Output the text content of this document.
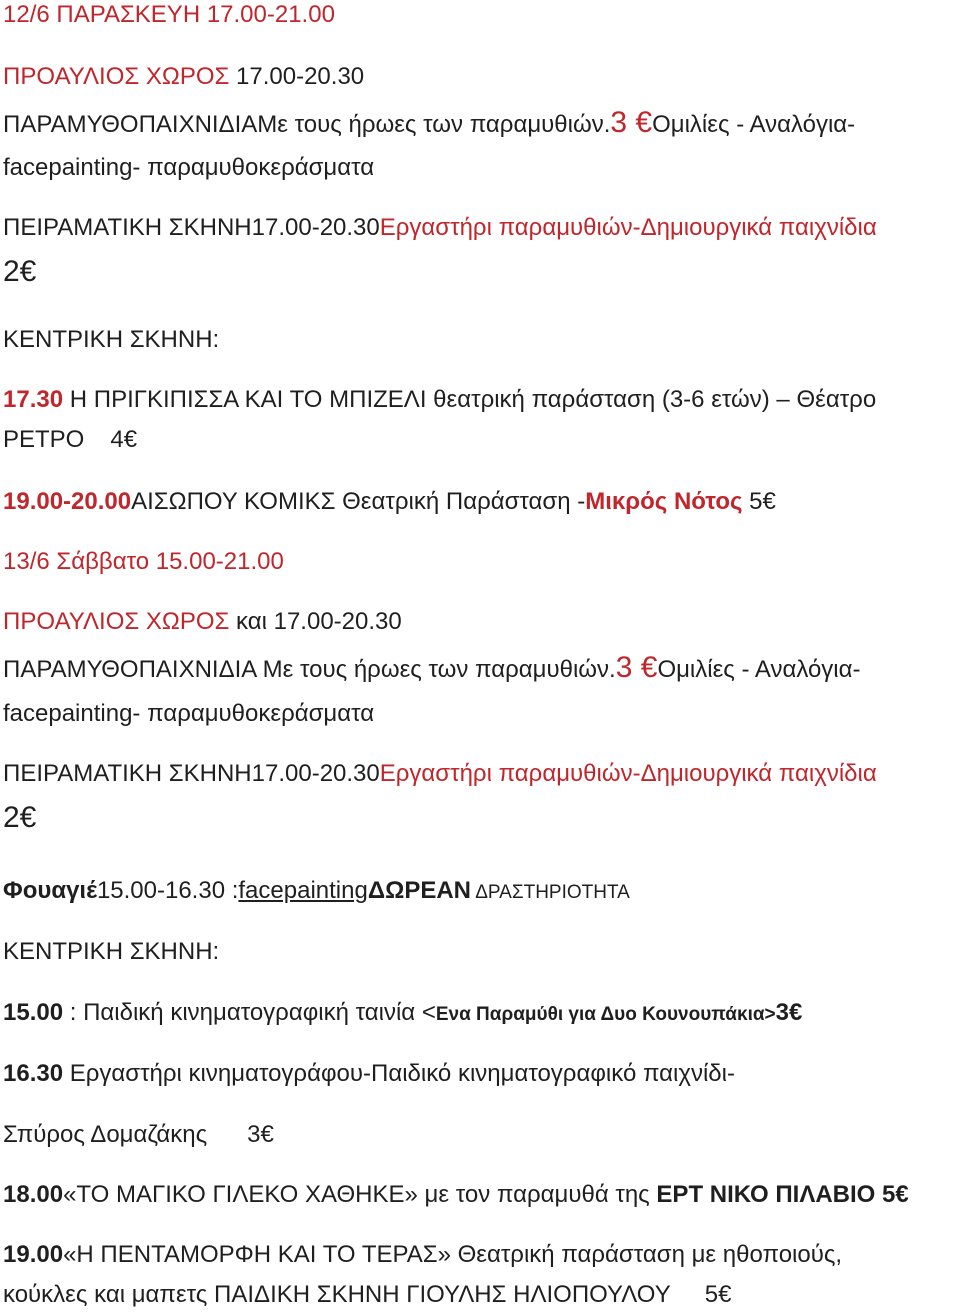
12/6 ΠΑΡΑΣΚΕΥΗ 17.00-21.00
ΠΡΟΑΥΛΙΟΣ ΧΩΡΟΣ 17.00-20.30
ΠΑΡΑΜΥΘΟΠΑΙΧΝΙΔΙΑΜε τους ήρωες των παραμυθιών.3 €Ομιλίες - Αναλόγια-
facepainting- παραμυθοκεράσματα
ΠΕΙΡΑΜΑΤΙΚΗ ΣΚΗΝΗ17.00-20.30Εργαστήρι παραμυθιών-Δημιουργικά παιχνίδια
2€
ΚΕΝΤΡΙΚΗ ΣΚΗΝΗ:
17.30 Η ΠΡΙΓΚΙΠΙΣΣΑ ΚΑΙ ΤΟ ΜΠΙΖΕΛΙ θεατρική παράσταση (3-6 ετών) – Θέατρο
ΡΕΤΡΟ 4€
19.00-20.00ΑΙΣΩΠΟΥ ΚΟΜΙΚΣ Θεατρική Παράσταση -Μικρός Νότος 5€
13/6 Σάββατο 15.00-21.00
ΠΡΟΑΥΛΙΟΣ ΧΩΡΟΣ και 17.00-20.30
ΠΑΡΑΜΥΘΟΠΑΙΧΝΙΔΙΑ Με τους ήρωες των παραμυθιών.3 €Ομιλίες - Αναλόγια-
facepainting- παραμυθοκεράσματα
ΠΕΙΡΑΜΑΤΙΚΗ ΣΚΗΝΗ17.00-20.30Εργαστήρι παραμυθιών-Δημιουργικά παιχνίδια
2€
Φουαγιέ15.00-16.30 :facepaintingΔΩΡΕΑΝ ΔΡΑΣΤΗΡΙΟΤΗΤΑ
ΚΕΝΤΡΙΚΗ ΣΚΗΝΗ:
15.00 : Παιδική κινηματογραφική ταινία <Ενα Παραμύθι για Δυο Κουνουπάκια>3€
16.30 Εργαστήρι κινηματογράφου-Παιδικό κινηματογραφικό παιχνίδι-
Σπύρος Δομαζάκης 3€
18.00«ΤΟ ΜΑΓΙΚΟ ΓΙΛΕΚΟ ΧΑΘΗΚΕ» με τον παραμυθά της ΕΡΤ ΝΙΚΟ ΠΙΛΑΒΙΟ 5€
19.00«Η ΠΕΝΤΑΜΟΡΦΗ ΚΑΙ ΤΟ ΤΕΡΑΣ» Θεατρική παράσταση με ηθοποιούς,
κούκλες και μαπετς ΠΑΙΔΙΚΗ ΣΚΗΝΗ ΓΙΟΥΛΗΣ ΗΛΙΟΠΟΥΛΟΥ 5€
